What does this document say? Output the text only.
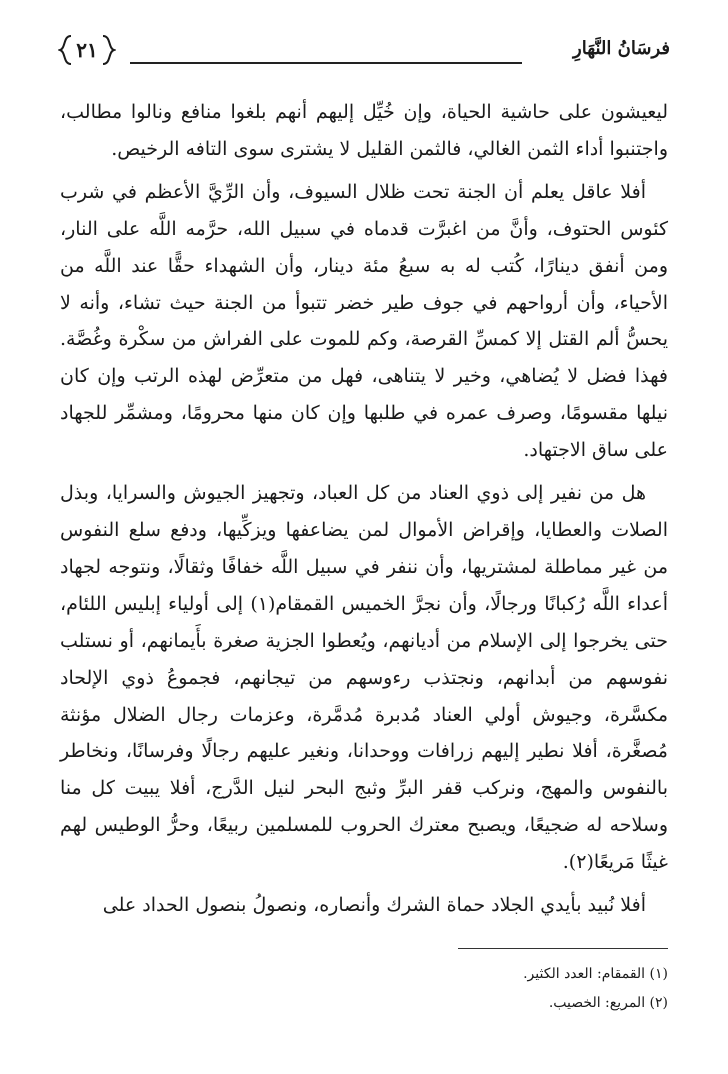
فرسَانُ النَّهَارِ
٢١

ليعيشون على حاشية الحياة، وإن خُيِّل إليهم أنهم بلغوا منافع ونالوا مطالب، واجتنبوا أداء الثمن الغالي، فالثمن القليل لا يشترى سوى التافه الرخيص.

أفلا عاقل يعلم أن الجنة تحت ظلال السيوف، وأن الرِّيَّ الأعظم في شرب كئوس الحتوف، وأنَّ من اغبرَّت قدماه في سبيل الله، حرَّمه اللَّه على النار، ومن أنفق دينارًا، كُتب له به سبعُ مئة دينار، وأن الشهداء حقًّا عند اللَّه من الأحياء، وأن أرواحهم في جوف طير خضر تتبوأ من الجنة حيث تشاء، وأنه لا يحسُّ ألم القتل إلا كمسِّ القرصة، وكم للموت على الفراش من سكْرة وغُصَّة. فهذا فضل لا يُضاهي، وخير لا يتناهى، فهل من متعرِّض لهذه الرتب وإن كان نيلها مقسومًا، وصرف عمره في طلبها وإن كان منها محرومًا، ومشمِّر للجهاد على ساق الاجتهاد.

هل من نفير إلى ذوي العناد من كل العباد، وتجهيز الجيوش والسرايا، وبذل الصلات والعطايا، وإقراض الأموال لمن يضاعفها ويزكِّيها، ودفع سلع النفوس من غير مماطلة لمشتريها، وأن ننفر في سبيل اللَّه خفافًا وثقالًا، ونتوجه لجهاد أعداء اللَّه رُكبانًا ورجالًا، وأن نجرَّ الخميس القمقام(١) إلى أولياء إبليس اللئام، حتى يخرجوا إلى الإسلام من أديانهم، ويُعطوا الجزية صغرة بأَيمانهم، أو نستلب نفوسهم من أبدانهم، ونجتذب رءوسهم من تيجانهم، فجموعُ ذوي الإلحاد مكسَّرة، وجيوش أولي العناد مُدبرة مُدمَّرة، وعزمات رجال الضلال مؤنثة مُصغَّرة، أفلا نطير إليهم زرافات ووحدانا، ونغير عليهم رجالًا وفرسانًا، ونخاطر بالنفوس والمهج، ونركب قفر البرِّ وثبج البحر لنيل الدَّرج، أفلا يبيت كل منا وسلاحه له ضجيعًا، ويصبح معترك الحروب للمسلمين ربيعًا، وحرُّ الوطيس لهم غيثًا مَريعًا(٢).

أفلا نُبيد بأيدي الجلاد حماة الشرك وأنصاره، ونصولُ بنصول الحداد على

(١) القمقام: العدد الكثير.

(٢) المريع: الخصيب.
